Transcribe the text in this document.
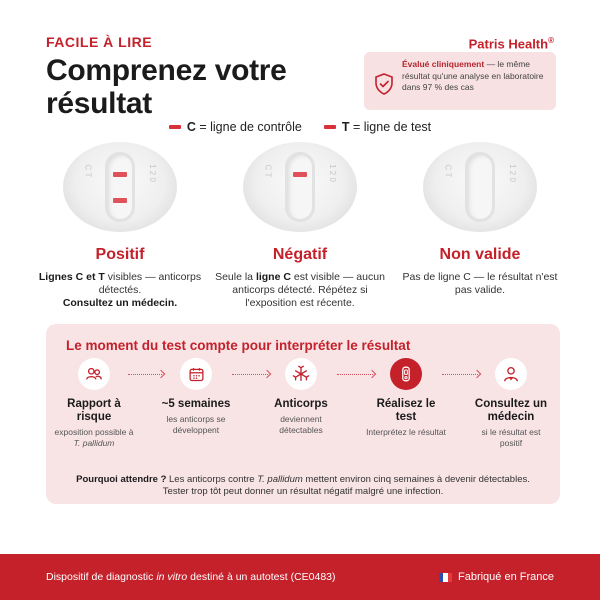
FACILE À LIRE	Patris Health®
Comprenez votre
résultat
Évalué cliniquement — le même résultat qu'une analyse en laboratoire dans 97 % des cas
C = ligne de contrôle	T = ligne de test
C T	1 2 0	C T	1 2 0	C T	1 2 0
Positif
Lignes C et T visibles — anticorps détectés.
Consultez un médecin.
Négatif
Seule la ligne C est visible — aucun anticorps détecté. Répétez si l'exposition est récente.
Non valide
Pas de ligne C — le résultat n'est pas valide.
Le moment du test compte pour interpréter le résultat
Rapport à risque
exposition possible à T. pallidum
~5 semaines
les anticorps se développent
Anticorps
deviennent détectables
Réalisez le test
Interprétez le résultat
Consultez un médecin
si le résultat est positif
Pourquoi attendre ? Les anticorps contre T. pallidum mettent environ cinq semaines à devenir détectables. Tester trop tôt peut donner un résultat négatif malgré une infection.
Dispositif de diagnostic in vitro destiné à un autotest (CE0483)	Fabriqué en France
